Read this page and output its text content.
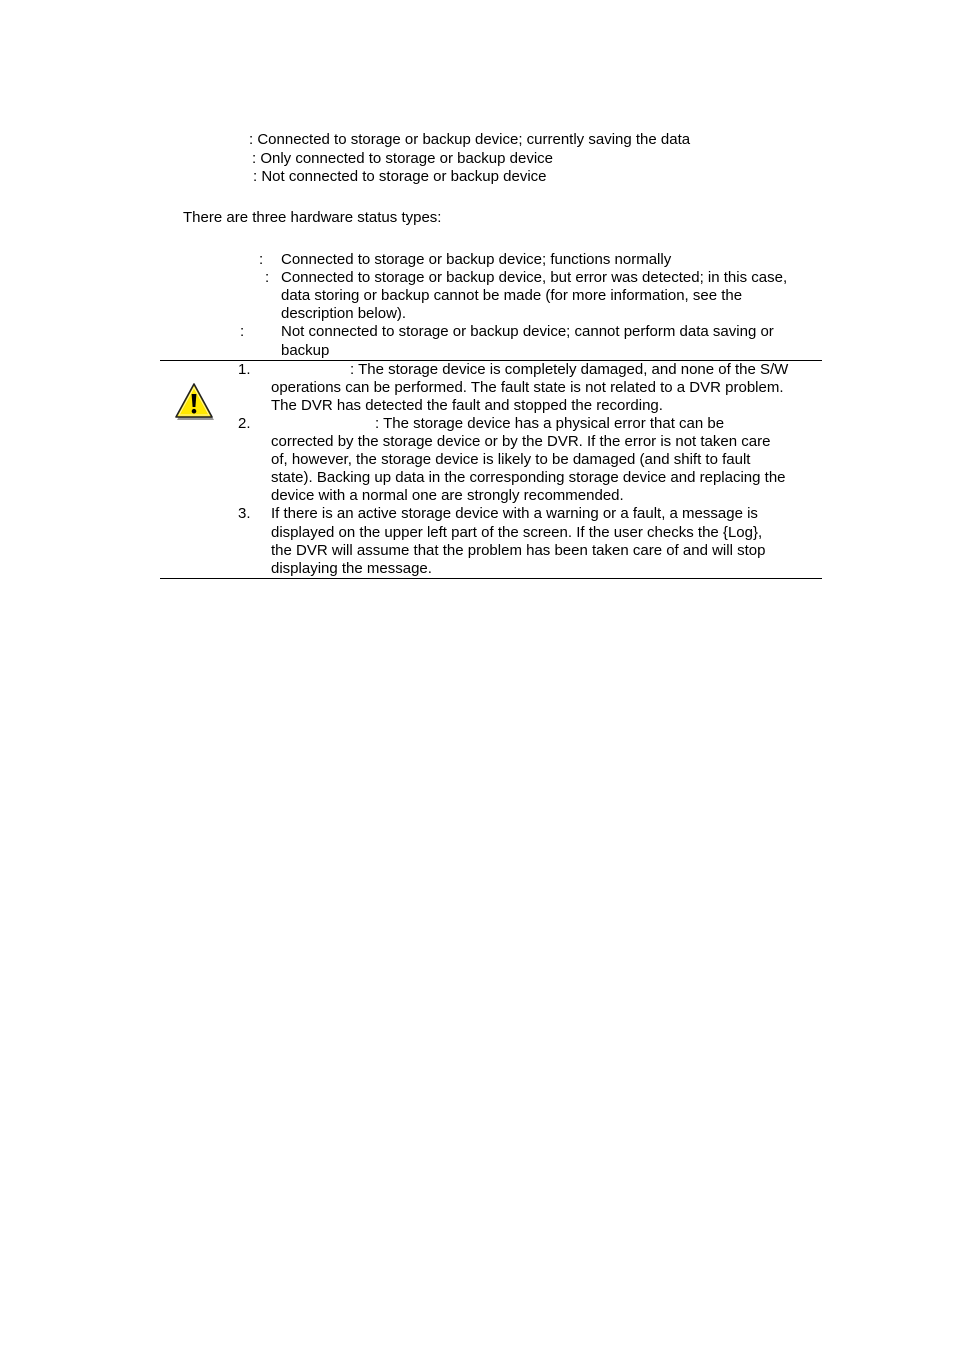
: Connected to storage or backup device; currently saving the data
: Only connected to storage or backup device
: Not connected to storage or backup device
There are three hardware status types:
: Connected to storage or backup device; functions normally
: Connected to storage or backup device, but error was detected; in this case,
data storing or backup cannot be made (for more information, see the
description below).
: Not connected to storage or backup device; cannot perform data saving or
backup
1.	: The storage device is completely damaged, and none of the S/W
operations can be performed. The fault state is not related to a DVR problem.
The DVR has detected the fault and stopped the recording.
2.	: The storage device has a physical error that can be
corrected by the storage device or by the DVR. If the error is not taken care
of, however, the storage device is likely to be damaged (and shift to fault
state). Backing up data in the corresponding storage device and replacing the
device with a normal one are strongly recommended.
3. If there is an active storage device with a warning or a fault, a message is
displayed on the upper left part of the screen. If the user checks the {Log},
the DVR will assume that the problem has been taken care of and will stop
displaying the message.
